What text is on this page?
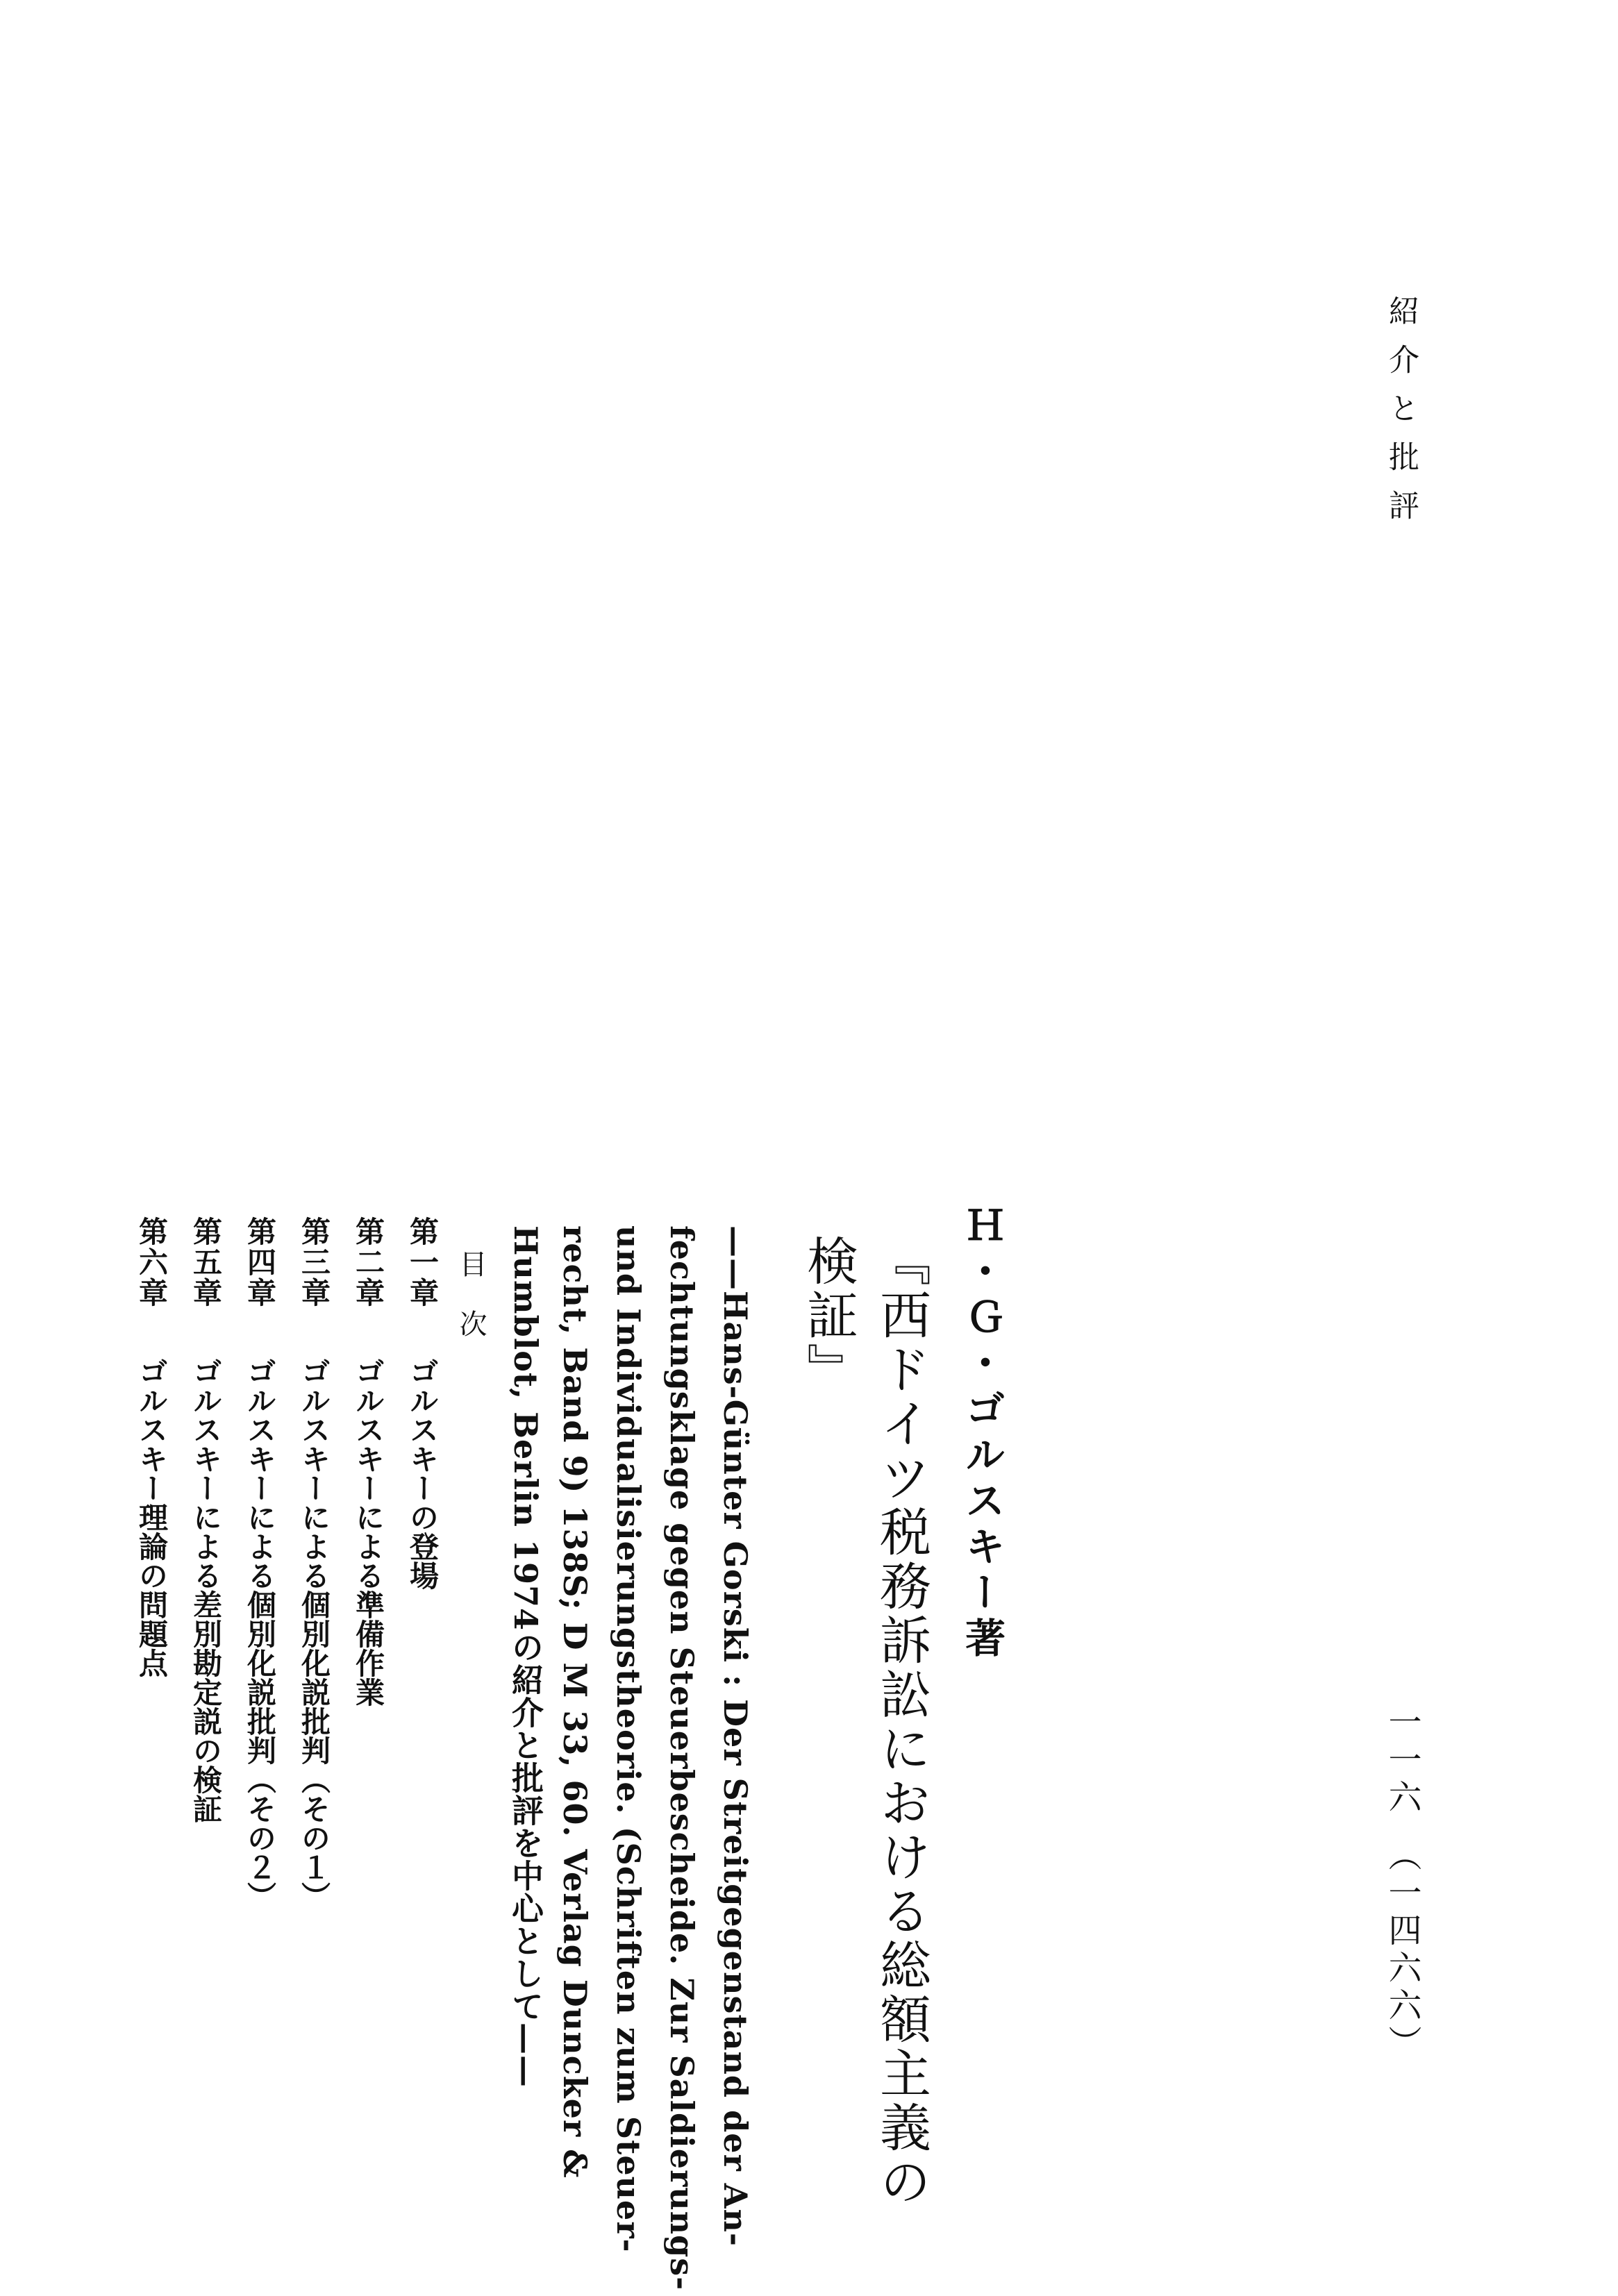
紹介と批評
一一六　（一四六六）
Ｈ・Ｇ・ゴルスキー著
『西ドイツ税務訴訟における総額主義の
検証』
——Hans-Günter Gorski : Der Streitgegenstand der An-
fechtungsklage gegen Steuerbescheide. Zur Saldierungs-
und Individualisierungstheorie. (Schriften zum Steuer-
recht, Band 9) 138S; D M 33, 60. Verlag Duncker &
Humblot, Berlin 1974の紹介と批評を中心として——
目次
第一章ゴルスキーの登場
第二章ゴルスキーによる準備作業
第三章ゴルスキーによる個別化説批判（その１）
第四章ゴルスキーによる個別化説批判（その２）
第五章ゴルスキーによる差別勘定説の検証
第六章ゴルスキー理論の問題点
